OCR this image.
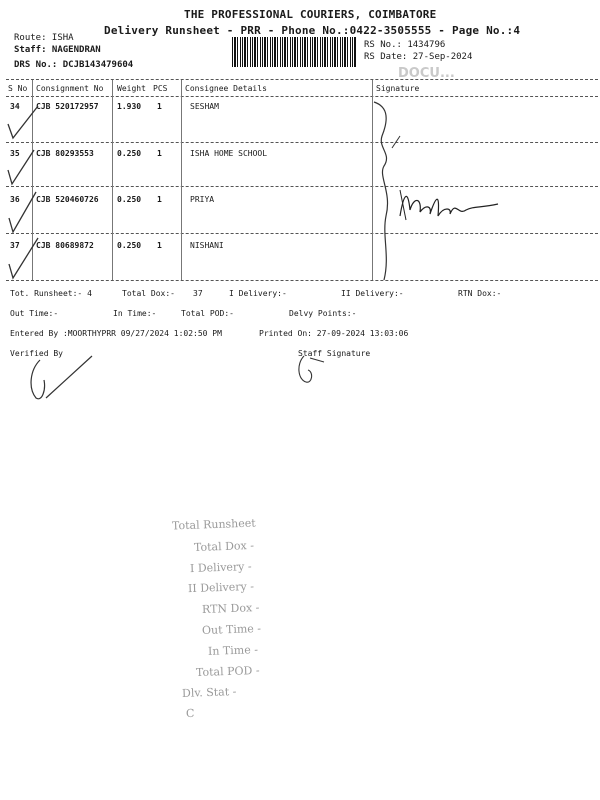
THE PROFESSIONAL COURIERS, COIMBATORE
Delivery Runsheet - PRR - Phone No.:0422-3505555 - Page No.:4
Route: ISHA
Staff: NAGENDRAN
DRS No.: DCJB143479604
RS No.: 1434796
RS Date: 27-Sep-2024
DOCU...
S No Consignment No Weight PCS Consignee Details	Signature
34 CJB 520172957 1.930 1	SESHAM
35 CJB 80293553	0.250 1	ISHA HOME SCHOOL
36 CJB 520460726 0.250 1	PRIYA
37 CJB 80689872	0.250 1	NISHANI
Tot. Runsheet:- 4	Total Dox:- 37	I Delivery:-	II Delivery:-	RTN Dox:-
Out Time:-	In Time:-	Total POD:-	Delvy Points:-
Entered By :MOORTHYPRR 09/27/2024 1:02:50 PM	Printed On: 27-09-2024 13:03:06
Verified By	Staff Signature
Total Runsheet
Total Dox -
I Delivery -
II Delivery -
RTN Dox -
Out Time -
In Time -
Total POD -
Dlv. Stat -
C
